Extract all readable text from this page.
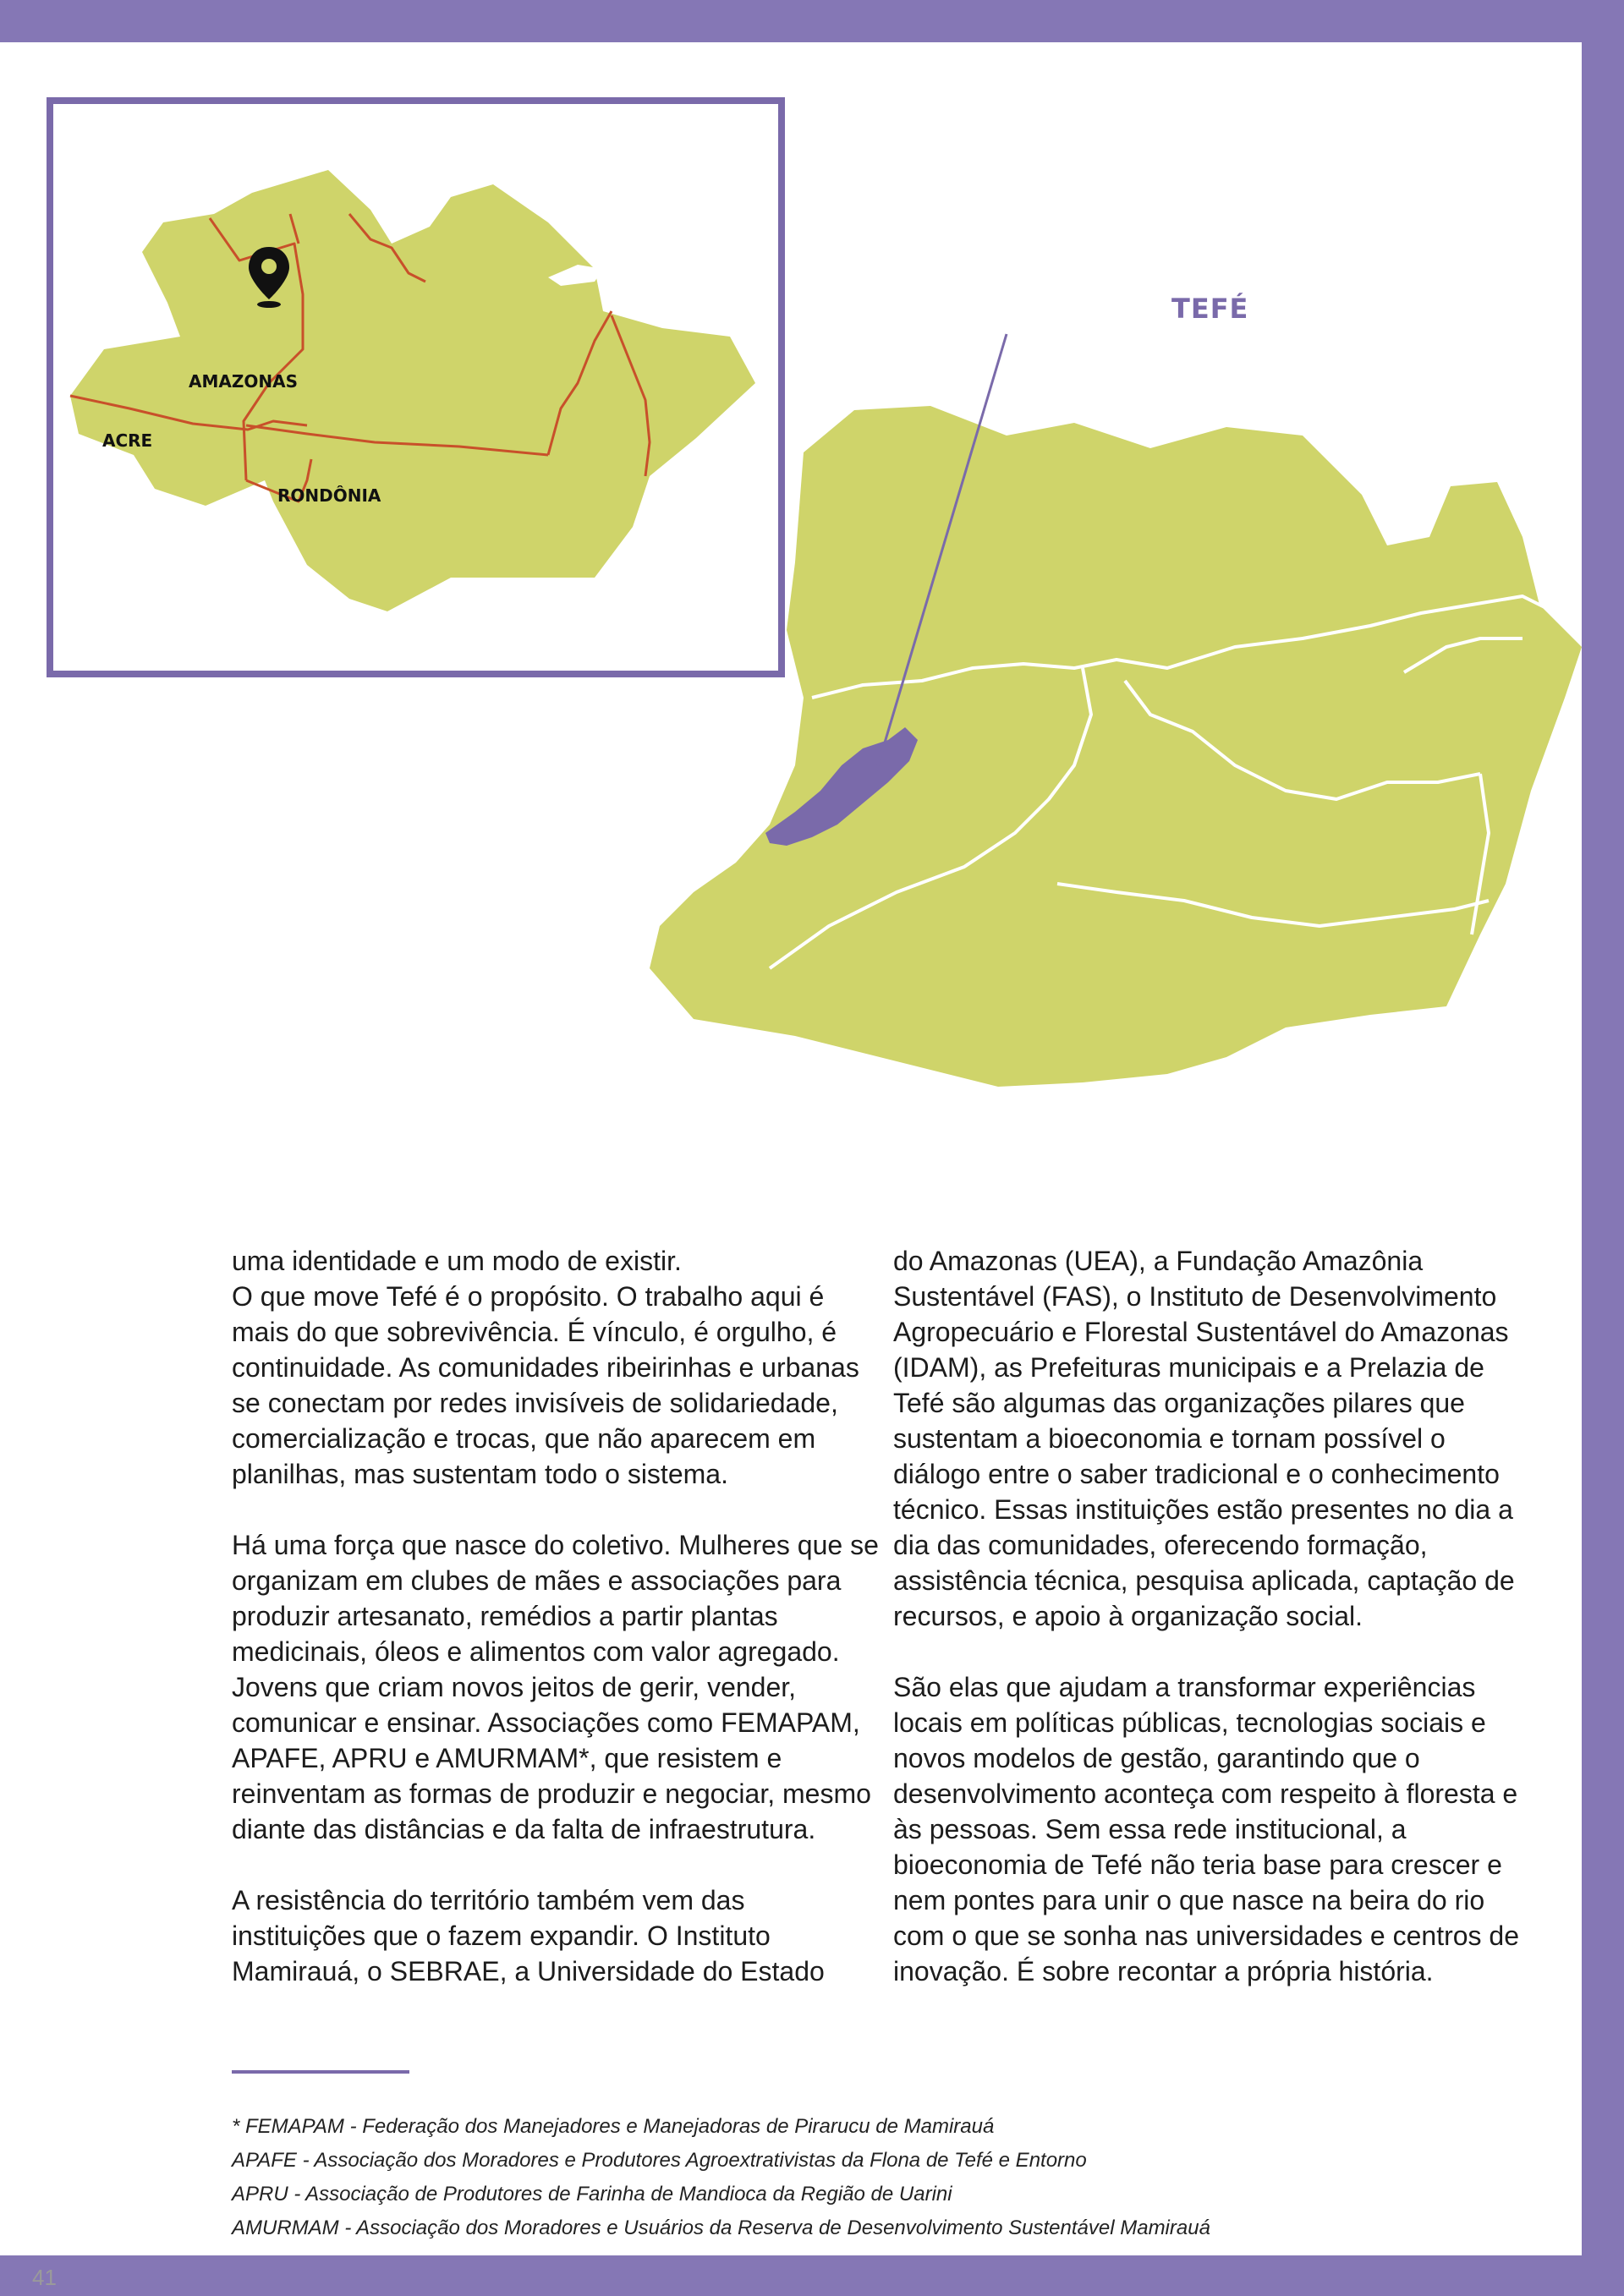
AMAZONAS
ACRE
RONDÔNIA
TEFÉ

uma identidade e um modo de existir.
O que move Tefé é o propósito. O trabalho aqui é mais do que sobrevivência. É vínculo, é orgulho, é continuidade. As comunidades ribeirinhas e urbanas se conectam por redes invisíveis de solidariedade, comercialização e trocas, que não aparecem em planilhas, mas sustentam todo o sistema.

Há uma força que nasce do coletivo. Mulheres que se organizam em clubes de mães e associações para produzir artesanato, remédios a partir plantas medicinais, óleos e alimentos com valor agregado. Jovens que criam novos jeitos de gerir, vender, comunicar e ensinar. Associações como FEMAPAM, APAFE, APRU e AMURMAM*, que resistem e reinventam as formas de produzir e negociar, mesmo diante das distâncias e da falta de infraestrutura.

A resistência do território também vem das instituições que o fazem expandir. O Instituto Mamirauá, o SEBRAE, a Universidade do Estado

do Amazonas (UEA), a Fundação Amazônia Sustentável (FAS), o Instituto de Desenvolvimento Agropecuário e Florestal Sustentável do Amazonas (IDAM), as Prefeituras municipais e a Prelazia de Tefé são algumas das organizações pilares que sustentam a bioeconomia e tornam possível o diálogo entre o saber tradicional e o conhecimento técnico. Essas instituições estão presentes no dia a dia das comunidades, oferecendo formação, assistência técnica, pesquisa aplicada, captação de recursos, e apoio à organização social.

São elas que ajudam a transformar experiências locais em políticas públicas, tecnologias sociais e novos modelos de gestão, garantindo que o desenvolvimento aconteça com respeito à floresta e às pessoas. Sem essa rede institucional, a bioeconomia de Tefé não teria base para crescer e nem pontes para unir o que nasce na beira do rio com o que se sonha nas universidades e centros de inovação. É sobre recontar a própria história.

* FEMAPAM - Federação dos Manejadores e Manejadoras de Pirarucu de Mamirauá
APAFE - Associação dos Moradores e Produtores Agroextrativistas da Flona de Tefé e Entorno
APRU - Associação de Produtores de Farinha de Mandioca da Região de Uarini
AMURMAM - Associação dos Moradores e Usuários da Reserva de Desenvolvimento Sustentável Mamirauá
41
